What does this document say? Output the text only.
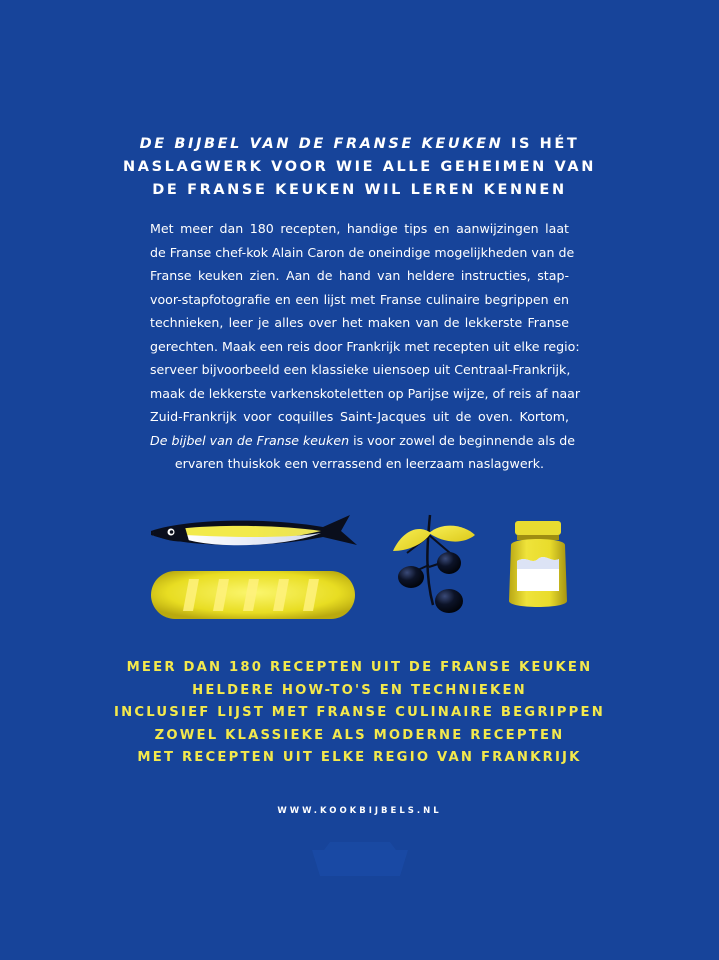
DE BIJBEL VAN DE FRANSE KEUKEN IS HÉT
NASLAGWERK VOOR WIE ALLE GEHEIMEN VAN
DE FRANSE KEUKEN WIL LEREN KENNEN
Met meer dan 180 recepten, handige tips en aanwijzingen laat
de Franse chef-kok Alain Caron de oneindige mogelijkheden van de
Franse keuken zien. Aan de hand van heldere instructies, stap-
voor-stapfotografie en een lijst met Franse culinaire begrippen en
technieken, leer je alles over het maken van de lekkerste Franse
gerechten. Maak een reis door Frankrijk met recepten uit elke regio:
serveer bijvoorbeeld een klassieke uiensoep uit Centraal-Frankrijk,
maak de lekkerste varkenskoteletten op Parijse wijze, of reis af naar
Zuid-Frankrijk voor coquilles Saint-Jacques uit de oven. Kortom,
De bijbel van de Franse keuken is voor zowel de beginnende als de
ervaren thuiskok een verrassend en leerzaam naslagwerk.
MEER DAN 180 RECEPTEN UIT DE FRANSE KEUKEN
HELDERE HOW-TO'S EN TECHNIEKEN
INCLUSIEF LIJST MET FRANSE CULINAIRE BEGRIPPEN
ZOWEL KLASSIEKE ALS MODERNE RECEPTEN
MET RECEPTEN UIT ELKE REGIO VAN FRANKRIJK
WWW.KOOKBIJBELS.NL
